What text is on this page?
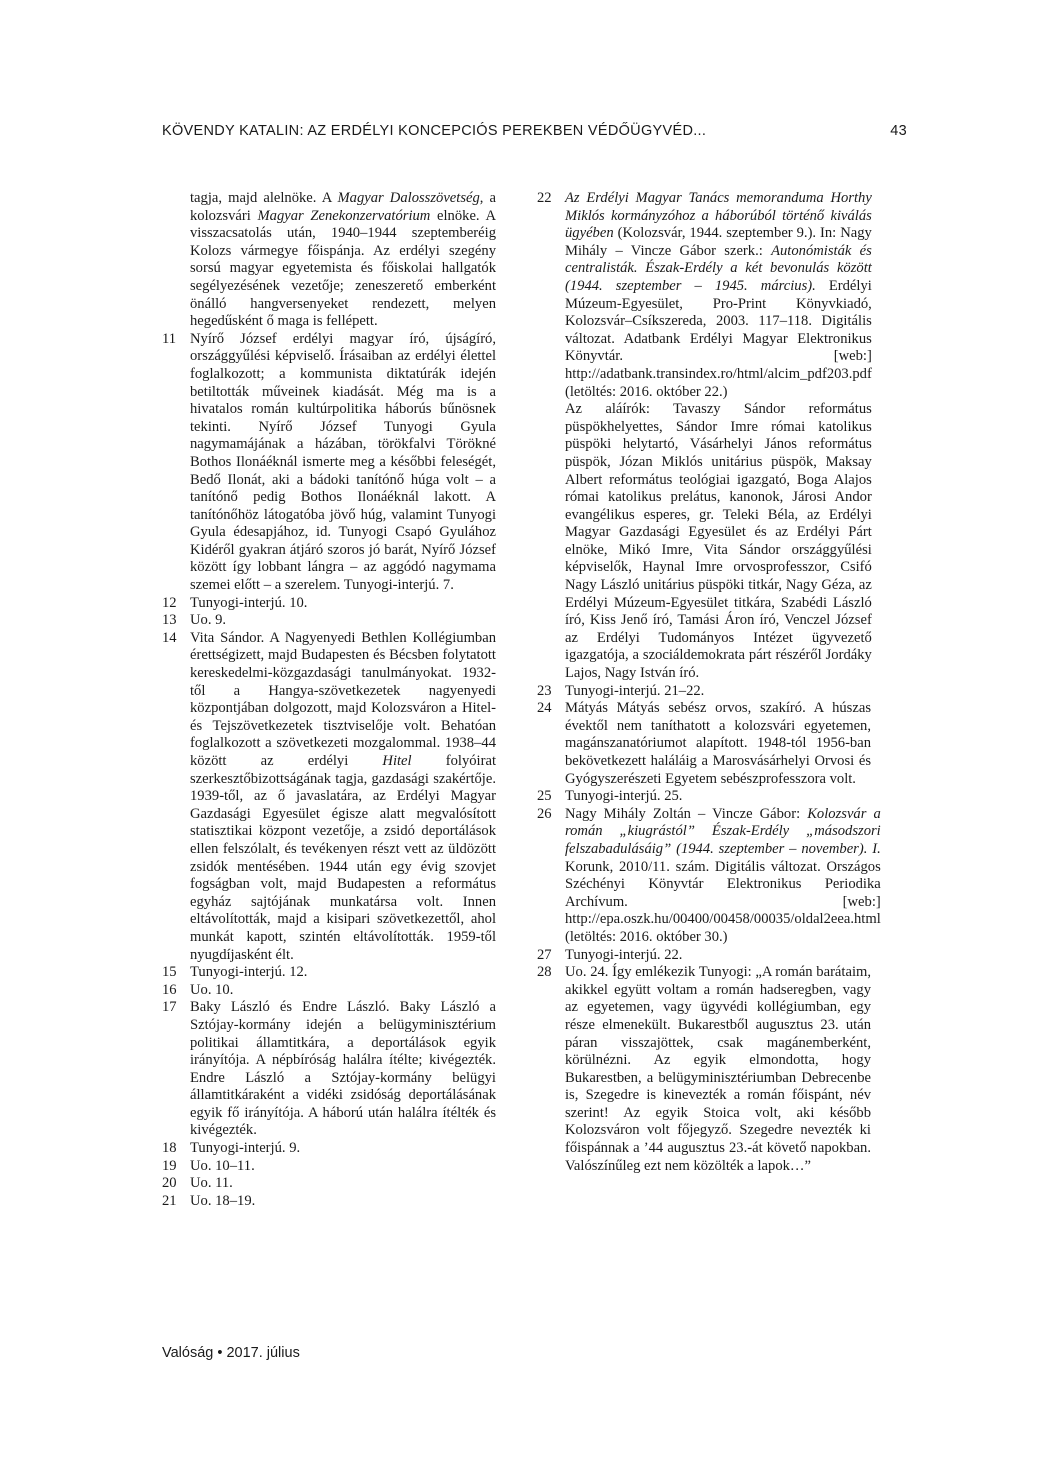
KÖVENDY KATALIN: AZ ERDÉLYI KONCEPCIÓS PEREKBEN VÉDŐÜGYVÉD...	43

tagja, majd alelnöke. A Magyar Dalosszövetség, a kolozsvári Magyar Zenekonzervatórium elnöke. A visszacsatolás után, 1940–1944 szeptemberéig Kolozs vármegye főispánja. Az erdélyi szegény sorsú magyar egyetemista és főiskolai hallgatók segélyezésének vezetője; zeneszerető emberként önálló hangversenyeket rendezett, melyen hegedűsként ő maga is fellépett.

11 Nyírő József erdélyi magyar író, újságíró, országgyűlési képviselő. Írásaiban az erdélyi élettel foglalkozott; a kommunista diktatúrák idején betiltották műveinek kiadását. Még ma is a hivatalos román kultúrpolitika háborús bűnösnek tekinti. Nyírő József Tunyogi Gyula nagymamájának a házában, törökfalvi Törökné Bothos Ilonáéknál ismerte meg a későbbi feleségét, Bedő Ilonát, aki a bádoki tanítónő húga volt – a tanítónő pedig Bothos Ilonáéknál lakott. A tanítónőhöz látogatóba jövő húg, valamint Tunyogi Gyula édesapjához, id. Tunyogi Csapó Gyulához Kidéről gyakran átjáró szoros jó barát, Nyírő József között így lobbant lángra – az aggódó nagymama szemei előtt – a szerelem. Tunyogi-interjú. 7.

12 Tunyogi-interjú. 10.

13 Uo. 9.

14 Vita Sándor. A Nagyenyedi Bethlen Kollégiumban érettségizett, majd Budapesten és Bécsben folytatott kereskedelmi-közgazdasági tanulmányokat. 1932-től a Hangya-szövetkezetek nagyenyedi központjában dolgozott, majd Kolozsváron a Hitel- és Tejszövetkezetek tisztviselője volt. Behatóan foglalkozott a szövetkezeti mozgalommal. 1938–44 között az erdélyi Hitel folyóirat szerkesztőbizottságának tagja, gazdasági szakértője. 1939-től, az ő javaslatára, az Erdélyi Magyar Gazdasági Egyesület égisze alatt megvalósított statisztikai központ vezetője, a zsidó deportálások ellen felszólalt, és tevékenyen részt vett az üldözött zsidók mentésében. 1944 után egy évig szovjet fogságban volt, majd Budapesten a református egyház sajtójának munkatársa volt. Innen eltávolították, majd a kisipari szövetkezettől, ahol munkát kapott, szintén eltávolították. 1959-től nyugdíjasként élt.

15 Tunyogi-interjú. 12.

16 Uo. 10.

17 Baky László és Endre László. Baky László a Sztójay-kormány idején a belügyminisztérium politikai államtitkára, a deportálások egyik irányítója. A népbíróság halálra ítélte; kivégezték. Endre László a Sztójay-kormány belügyi államtitkáraként a vidéki zsidóság deportálásának egyik fő irányítója. A háború után halálra ítélték és kivégezték.

18 Tunyogi-interjú. 9.

19 Uo. 10–11.

20 Uo. 11.

21 Uo. 18–19.

22 Az Erdélyi Magyar Tanács memoranduma Horthy Miklós kormányzóhoz a háborúból történő kiválás ügyében (Kolozsvár, 1944. szeptember 9.). In: Nagy Mihály – Vincze Gábor szerk.: Autonómisták és centralisták. Észak-Erdély a két bevonulás között (1944. szeptember – 1945. március). Erdélyi Múzeum-Egyesület, Pro-Print Könyvkiadó, Kolozsvár–Csíkszereda, 2003. 117–118. Digitális változat. Adatbank Erdélyi Magyar Elektronikus Könyvtár. [web:] http://adatbank.transindex.ro/html/alcim_pdf203.pdf (letöltés: 2016. október 22.)

Az aláírók: Tavaszy Sándor református püspökhelyettes, Sándor Imre római katolikus püspöki helytartó, Vásárhelyi János református püspök, Józan Miklós unitárius püspök, Maksay Albert református teológiai igazgató, Boga Alajos római katolikus prelátus, kanonok, Járosi Andor evangélikus esperes, gr. Teleki Béla, az Erdélyi Magyar Gazdasági Egyesület és az Erdélyi Párt elnöke, Mikó Imre, Vita Sándor országgyűlési képviselők, Haynal Imre orvosprofesszor, Csifó Nagy László unitárius püspöki titkár, Nagy Géza, az Erdélyi Múzeum-Egyesület titkára, Szabédi László író, Kiss Jenő író, Tamási Áron író, Venczel József az Erdélyi Tudományos Intézet ügyvezető igazgatója, a szociáldemokrata párt részéről Jordáky Lajos, Nagy István író.

23 Tunyogi-interjú. 21–22.

24 Mátyás Mátyás sebész orvos, szakíró. A húszas évektől nem taníthatott a kolozsvári egyetemen, magánszanatóriumot alapított. 1948-tól 1956-ban bekövetkezett haláláig a Marosvásárhelyi Orvosi és Gyógyszerészeti Egyetem sebészprofesszora volt.

25 Tunyogi-interjú. 25.

26 Nagy Mihály Zoltán – Vincze Gábor: Kolozsvár a román „kiugrástól” Észak-Erdély „másodszori felszabadulásáig” (1944. szeptember – november). I. Korunk, 2010/11. szám. Digitális változat. Országos Széchényi Könyvtár Elektronikus Periodika Archívum. [web:] http://epa.oszk.hu/00400/00458/00035/oldal2eea.html (letöltés: 2016. október 30.)

27 Tunyogi-interjú. 22.

28 Uo. 24. Így emlékezik Tunyogi: „A román barátaim, akikkel együtt voltam a román hadseregben, vagy az egyetemen, vagy ügyvédi kollégiumban, egy része elmenekült. Bukarestből augusztus 23. után páran visszajöttek, csak magánemberként, körülnézni. Az egyik elmondotta, hogy Bukarestben, a belügyminisztériumban Debrecenbe is, Szegedre is kinevezték a román főispánt, név szerint! Az egyik Stoica volt, aki később Kolozsváron volt főjegyző. Szegedre nevezték ki főispánnak a ’44 augusztus 23.-át követő napokban. Valószínűleg ezt nem közölték a lapok…”

Valóság • 2017. július
